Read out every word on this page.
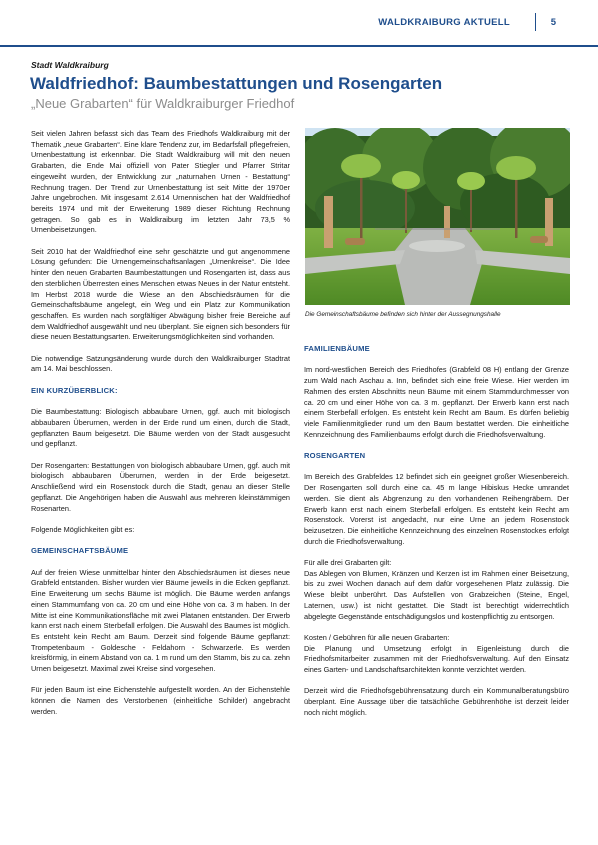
WALDKRAIBURG AKTUELL	5
Stadt Waldkraiburg
Waldfriedhof: Baumbestattungen und Rosengarten
„Neue Grabarten“ für Waldkraiburger Friedhof

Seit vielen Jahren befasst sich das Team des Friedhofs Waldkraiburg mit der Thematik „neue Grabarten“. Eine klare Tendenz zur, im Bedarfsfall pflegefreien, Urnenbestattung ist erkennbar. Die Stadt Waldkraiburg will mit den neuen Grabarten, die Ende Mai offiziell von Pater Stiegler und Pfarrer Stritar eingeweiht wurden, der Entwicklung zur „naturnahen Urnen - Bestattung“ Rechnung tragen. Der Trend zur Urnenbestattung ist seit Mitte der 1970er Jahre ungebrochen. Mit insgesamt 2.614 Urnennischen hat der Waldfriedhof bereits 1974 und mit der Erweiterung 1989 dieser Richtung Rechnung getragen. So gab es in Waldkraiburg im letzten Jahr 73,5 % Urnenbeisetzungen.

Seit 2010 hat der Waldfriedhof eine sehr geschätzte und gut angenommene Lösung gefunden: Die Urnengemeinschaftsanlagen „Urnenkreise“. Die Idee hinter den neuen Grabarten Baumbestattungen und Rosengarten ist, dass aus den sterblichen Überresten eines Menschen etwas Neues in der Natur entsteht. Im Herbst 2018 wurde die Wiese an den Abschiedsräumen für die Gemeinschaftsbäume angelegt, ein Weg und ein Platz zur Kommunikation geschaffen. Es wurden nach sorgfältiger Abwägung bisher freie Bereiche auf dem Waldfriedhof ausgewählt und neu überplant. Sie eignen sich besonders für diese neuen Bestattungsarten. Erweiterungsmöglichkeiten sind vorhanden.

Die notwendige Satzungsänderung wurde durch den Waldkraiburger Stadtrat am 14. Mai beschlossen.

EIN KURZÜBERBLICK:

Die Baumbestattung: Biologisch abbaubare Urnen, ggf. auch mit biologisch abbaubaren Überurnen, werden in der Erde rund um einen, durch die Stadt, gepflanzten Baum beigesetzt. Die Bäume werden von der Stadt ausgesucht und gepflanzt.

Der Rosengarten: Bestattungen von biologisch abbaubare Urnen, ggf. auch mit biologisch abbaubaren Überurnen, werden in der Erde beigesetzt. Anschließend wird ein Rosenstock durch die Stadt, genau an dieser Stelle gepflanzt. Die Angehörigen haben die Auswahl aus mehreren kleinstämmigen Rosenarten.

Folgende Möglichkeiten gibt es:

GEMEINSCHAFTSBÄUME

Auf der freien Wiese unmittelbar hinter den Abschiedsräumen ist dieses neue Grabfeld entstanden. Bisher wurden vier Bäume jeweils in die Ecken gepflanzt. Eine Erweiterung um sechs Bäume ist möglich. Die Bäume werden anfangs einen Stammumfang von ca. 20 cm und eine Höhe von ca. 3 m haben. In der Mitte ist eine Kommunikationsfläche mit zwei Platanen entstanden. Der Erwerb kann erst nach einem Sterbefall erfolgen. Die Auswahl des Baumes ist möglich. Es entsteht kein Recht am Baum. Derzeit sind folgende Bäume gepflanzt: Trompetenbaum - Goldesche - Feldahorn - Schwarzerle. Es werden kreisförmig, in einem Abstand von ca. 1 m rund um den Stamm, bis zu ca. zehn Urnen beigesetzt. Maximal zwei Kreise sind vorgesehen.

Für jeden Baum ist eine Eichenstehle aufgestellt worden. An der Eichenstehle können die Namen des Verstorbenen (einheitliche Schilder) angebracht werden.

Die Gemeinschaftsbäume befinden sich hinter der Aussegnungshalle
FAMILIENBÄUME

Im nord-westlichen Bereich des Friedhofes (Grabfeld 08 H) entlang der Grenze zum Wald nach Aschau a. Inn, befindet sich eine freie Wiese. Hier werden im Rahmen des ersten Abschnitts neun Bäume mit einem Stammdurchmesser von ca. 20 cm und einer Höhe von ca. 3 m. gepflanzt. Der Erwerb kann erst nach einem Sterbefall erfolgen. Es entsteht kein Recht am Baum. Es dürfen beliebig viele Familienmitglieder rund um den Baum bestattet werden. Die einheitliche Kennzeichnung des Familienbaums erfolgt durch die Friedhofsverwaltung.

ROSENGARTEN

Im Bereich des Grabfeldes 12 befindet sich ein geeignet großer Wiesenbereich. Der Rosengarten soll durch eine ca. 45 m lange Hibiskus Hecke umrandet werden. Sie dient als Abgrenzung zu den vorhandenen Reihengräbern. Der Erwerb kann erst nach einem Sterbefall erfolgen. Es entsteht kein Recht am Rosenstock. Vorerst ist angedacht, nur eine Urne an jedem Rosenstock beizusetzen. Die einheitliche Kennzeichnung des einzelnen Rosenstockes erfolgt durch die Friedhofsverwaltung.

Für alle drei Grabarten gilt:

Das Ablegen von Blumen, Kränzen und Kerzen ist im Rahmen einer Beisetzung, bis zu zwei Wochen danach auf dem dafür vorgesehenen Platz zulässig. Die Wiese bleibt unberührt. Das Aufstellen von Grabzeichen (Steine, Engel, Laternen, usw.) ist nicht gestattet. Die Stadt ist berechtigt widerrechtlich abgelegte Gegenstände entschädigungslos und kostenpflichtig zu entsorgen.

Kosten / Gebühren für alle neuen Grabarten:

Die Planung und Umsetzung erfolgt in Eigenleistung durch die Friedhofsmitarbeiter zusammen mit der Friedhofsverwaltung. Auf den Einsatz eines Garten- und Landschaftsarchitekten konnte verzichtet werden.

Derzeit wird die Friedhofsgebührensatzung durch ein Kommunalberatungsbüro überplant. Eine Aussage über die tatsächliche Gebührenhöhe ist derzeit leider noch nicht möglich.
